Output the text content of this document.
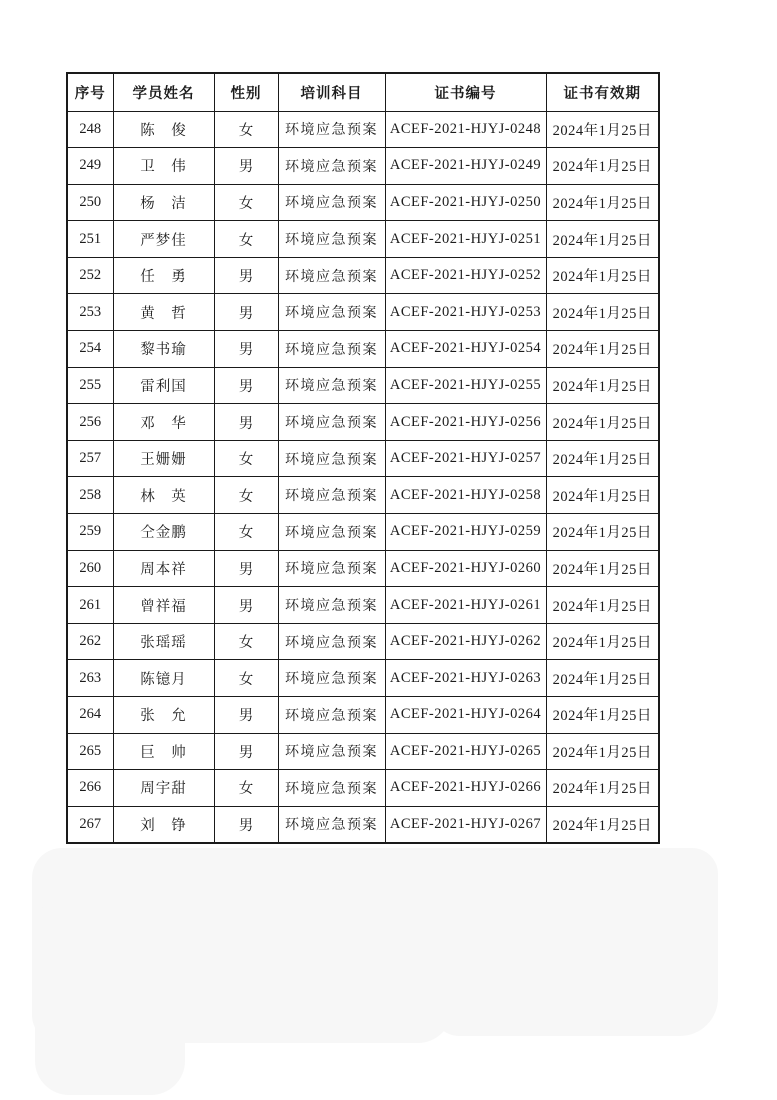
序号	学员姓名	性别	培训科目	证书编号	证书有效期
248	陈　俊	女	环境应急预案	ACEF-2021-HJYJ-0248	2024年1月25日
249	卫　伟	男	环境应急预案	ACEF-2021-HJYJ-0249	2024年1月25日
250	杨　洁	女	环境应急预案	ACEF-2021-HJYJ-0250	2024年1月25日
251	严梦佳	女	环境应急预案	ACEF-2021-HJYJ-0251	2024年1月25日
252	任　勇	男	环境应急预案	ACEF-2021-HJYJ-0252	2024年1月25日
253	黄　哲	男	环境应急预案	ACEF-2021-HJYJ-0253	2024年1月25日
254	黎书瑜	男	环境应急预案	ACEF-2021-HJYJ-0254	2024年1月25日
255	雷利国	男	环境应急预案	ACEF-2021-HJYJ-0255	2024年1月25日
256	邓　华	男	环境应急预案	ACEF-2021-HJYJ-0256	2024年1月25日
257	王姗姗	女	环境应急预案	ACEF-2021-HJYJ-0257	2024年1月25日
258	林　英	女	环境应急预案	ACEF-2021-HJYJ-0258	2024年1月25日
259	仝金鹏	女	环境应急预案	ACEF-2021-HJYJ-0259	2024年1月25日
260	周本祥	男	环境应急预案	ACEF-2021-HJYJ-0260	2024年1月25日
261	曾祥福	男	环境应急预案	ACEF-2021-HJYJ-0261	2024年1月25日
262	张瑶瑶	女	环境应急预案	ACEF-2021-HJYJ-0262	2024年1月25日
263	陈镱月	女	环境应急预案	ACEF-2021-HJYJ-0263	2024年1月25日
264	张　允	男	环境应急预案	ACEF-2021-HJYJ-0264	2024年1月25日
265	巨　帅	男	环境应急预案	ACEF-2021-HJYJ-0265	2024年1月25日
266	周宇甜	女	环境应急预案	ACEF-2021-HJYJ-0266	2024年1月25日
267	刘　铮	男	环境应急预案	ACEF-2021-HJYJ-0267	2024年1月25日
